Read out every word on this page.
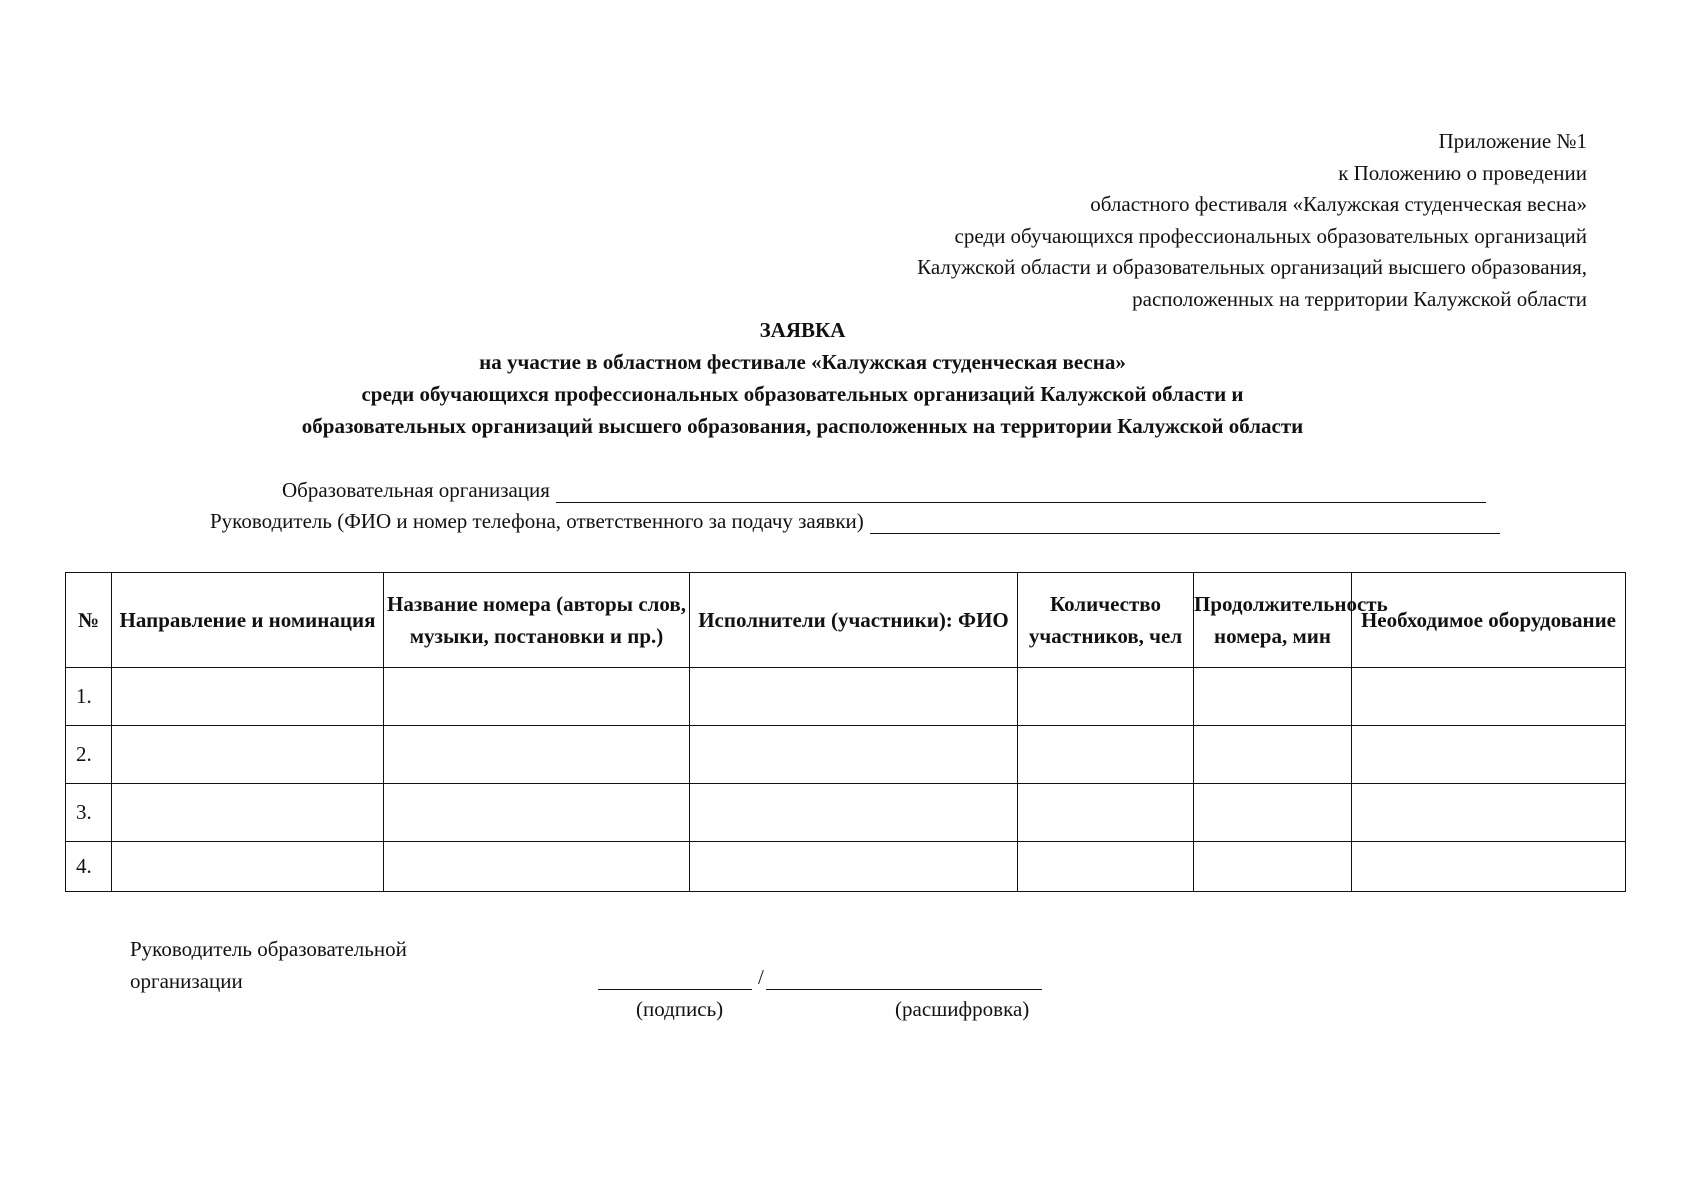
Приложение №1
к Положению о проведении
областного фестиваля «Калужская студенческая весна»
среди обучающихся профессиональных образовательных организаций
Калужской области и образовательных организаций высшего образования,
расположенных на территории Калужской области
ЗАЯВКА
на участие в областном фестивале «Калужская студенческая весна»
среди обучающихся профессиональных образовательных организаций Калужской области и
образовательных организаций высшего образования, расположенных на территории Калужской области
Образовательная организация
Руководитель (ФИО и номер телефона, ответственного за подачу заявки)
№	Направление и номинация	Название номера (авторы слов, музыки, постановки и пр.)	Исполнители (участники): ФИО	Количество участников, чел	Продолжительность номера, мин	Необходимое оборудование
1.						
2.						
3.						
4.						
Руководитель образовательной
организации	/
(подпись)	(расшифровка)
